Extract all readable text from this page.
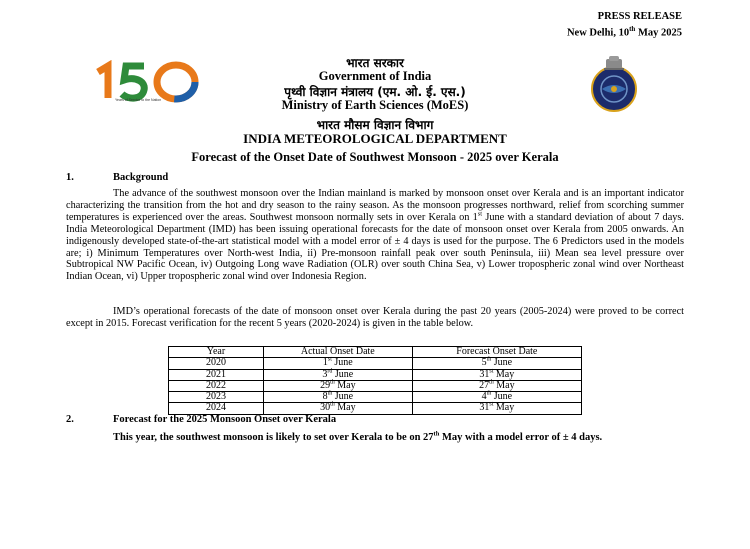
PRESS RELEASE
New Delhi, 10th May 2025
Years of Service to the Nation
भारत सरकार
Government of India
पृथ्वी विज्ञान मंत्रालय (एम. ओ. ई. एस.)
Ministry of Earth Sciences (MoES)
भारत मौसम विज्ञान विभाग
INDIA METEOROLOGICAL DEPARTMENT
Forecast of the Onset Date of Southwest Monsoon - 2025 over Kerala
1.	Background
The advance of the southwest monsoon over the Indian mainland is marked by monsoon onset over Kerala and is an important indicator characterizing the transition from the hot and dry season to the rainy season. As the monsoon progresses northward, relief from scorching summer temperatures is experienced over the areas. Southwest monsoon normally sets in over Kerala on 1st June with a standard deviation of about 7 days. India Meteorological Department (IMD) has been issuing operational forecasts for the date of monsoon onset over Kerala from 2005 onwards. An indigenously developed state-of-the-art statistical model with a model error of ± 4 days is used for the purpose. The 6 Predictors used in the models are; i) Minimum Temperatures over North-west India, ii) Pre-monsoon rainfall peak over south Peninsula, iii) Mean sea level pressure over Subtropical NW Pacific Ocean, iv) Outgoing Long wave Radiation (OLR) over south China Sea, v) Lower tropospheric zonal wind over Northeast Indian Ocean, vi) Upper tropospheric zonal wind over Indonesia Region.
IMD’s operational forecasts of the date of monsoon onset over Kerala during the past 20 years (2005-2024) were proved to be correct except in 2015. Forecast verification for the recent 5 years (2020-2024) is given in the table below.
Year	Actual Onset Date	Forecast Onset Date
2020	1st June	5th June
2021	3rd June	31st May
2022	29th May	27th May
2023	8th June	4th June
2024	30th May	31st May
2.	Forecast for the 2025 Monsoon Onset over Kerala
This year, the southwest monsoon is likely to set over Kerala to be on 27th May with a model error of ± 4 days.
